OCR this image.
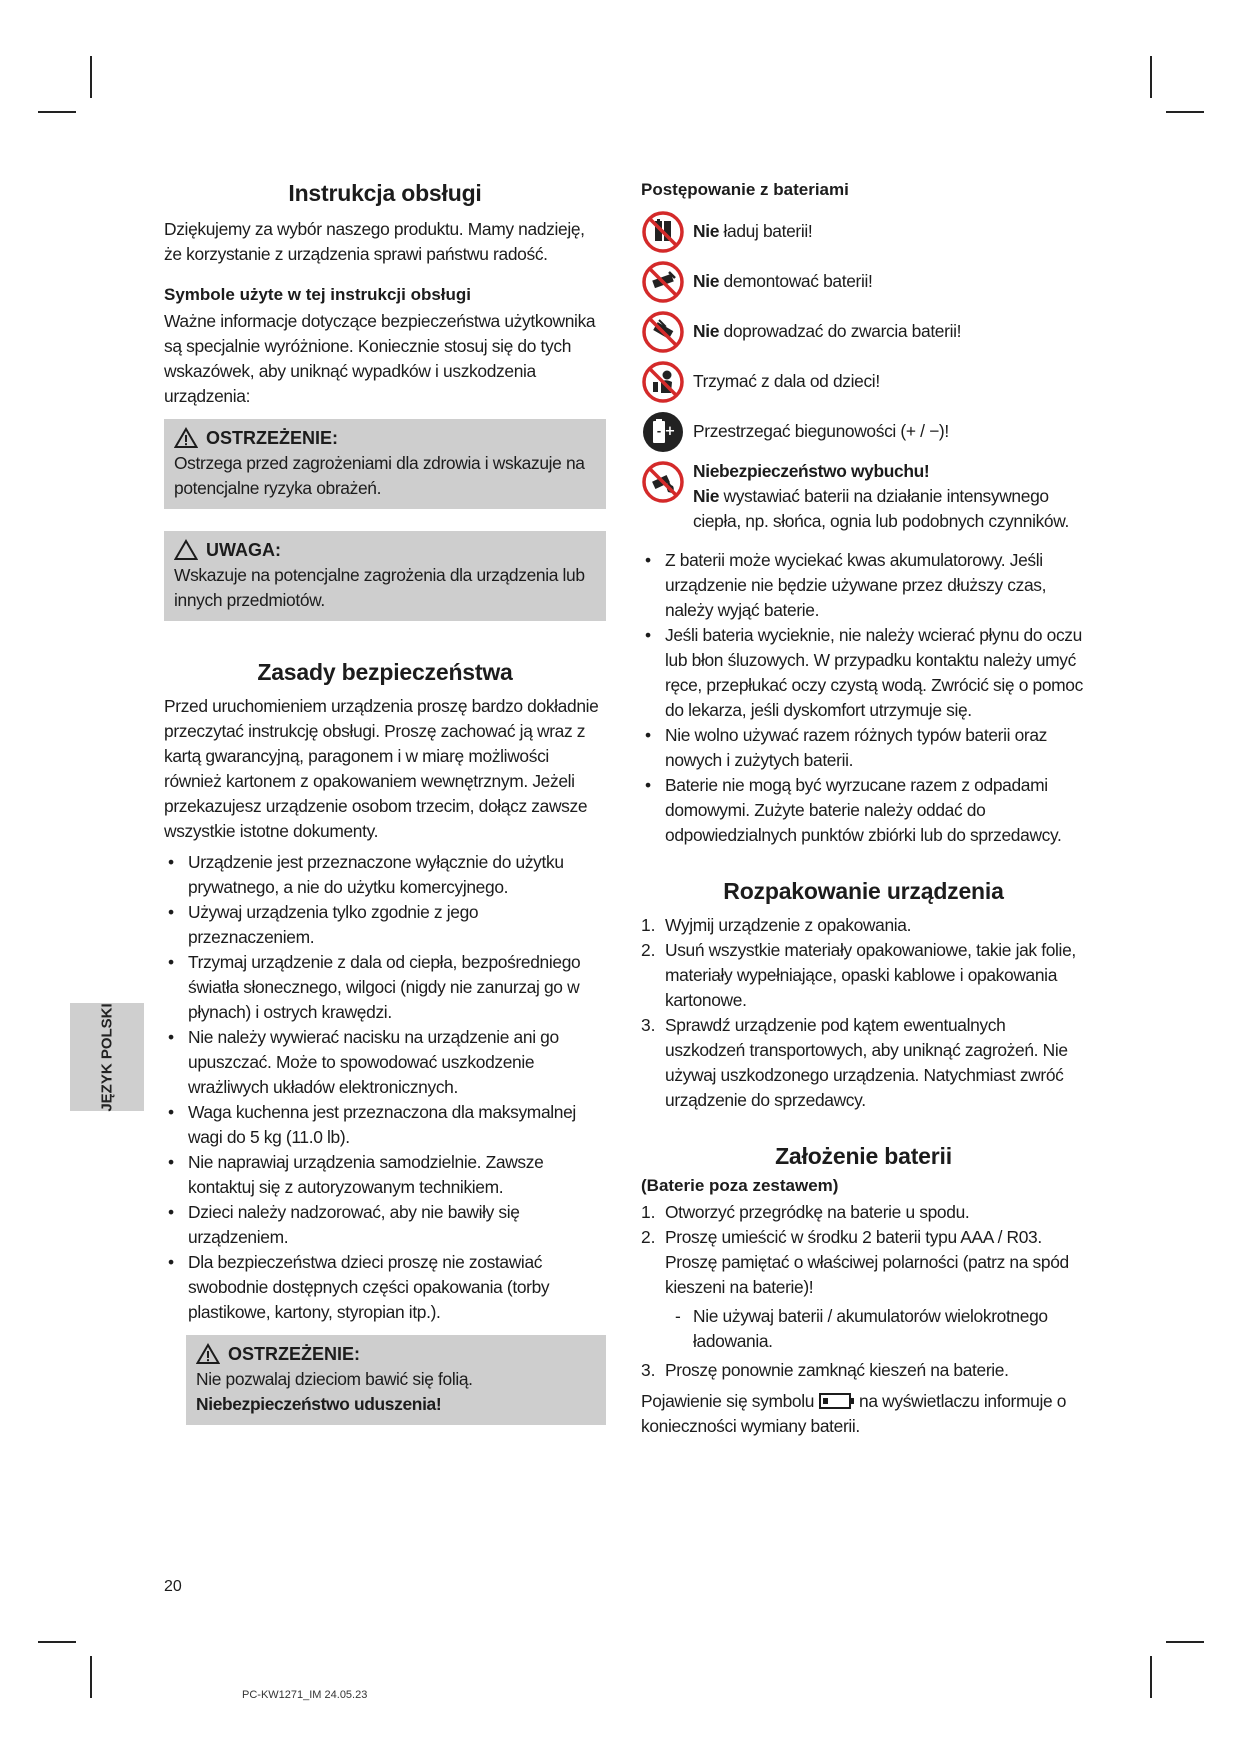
Instrukcja obsługi

Dziękujemy za wybór naszego produktu. Mamy nadzieję, że korzystanie z urządzenia sprawi państwu radość.

Symbole użyte w tej instrukcji obsługi

Ważne informacje dotyczące bezpieczeństwa użytkownika są specjalnie wyróżnione. Koniecznie stosuj się do tych wskazówek, aby uniknąć wypadków i uszkodzenia urządzenia:

OSTRZEŻENIE:

Ostrzega przed zagrożeniami dla zdrowia i wskazuje na potencjalne ryzyka obrażeń.

UWAGA:

Wskazuje na potencjalne zagrożenia dla urządzenia lub innych przedmiotów.

Zasady bezpieczeństwa

Przed uruchomieniem urządzenia proszę bardzo dokładnie przeczytać instrukcję obsługi. Proszę zachować ją wraz z kartą gwarancyjną, paragonem i w miarę możliwości również kartonem z opakowaniem wewnętrznym. Jeżeli przekazujesz urządzenie osobom trzecim, dołącz zawsze wszystkie istotne dokumenty.

• Urządzenie jest przeznaczone wyłącznie do użytku prywatnego, a nie do użytku komercyjnego.
• Używaj urządzenia tylko zgodnie z jego przeznaczeniem.
• Trzymaj urządzenie z dala od ciepła, bezpośredniego światła słonecznego, wilgoci (nigdy nie zanurzaj go w płynach) i ostrych krawędzi.
• Nie należy wywierać nacisku na urządzenie ani go upuszczać. Może to spowodować uszkodzenie wrażliwych układów elektronicznych.
• Waga kuchenna jest przeznaczona dla maksymalnej wagi do 5 kg (11.0 lb).
• Nie naprawiaj urządzenia samodzielnie. Zawsze kontaktuj się z autoryzowanym technikiem.
• Dzieci należy nadzorować, aby nie bawiły się urządzeniem.
• Dla bezpieczeństwa dzieci proszę nie zostawiać swobodnie dostępnych części opakowania (torby plastikowe, kartony, styropian itp.).
OSTRZEŻENIE:

Nie pozwalaj dzieciom bawić się folią. Niebezpieczeństwo uduszenia!

Postępowanie z bateriami

Nie ładuj baterii!

Nie demontować baterii!

Nie doprowadzać do zwarcia baterii!

Trzymać z dala od dzieci!

- + Przestrzegać biegunowości (+ / −)!

Niebezpieczeństwo wybuchu!

Nie wystawiać baterii na działanie intensywnego ciepła, np. słońca, ognia lub podobnych czynników.

• Z baterii może wyciekać kwas akumulatorowy. Jeśli urządzenie nie będzie używane przez dłuższy czas, należy wyjąć baterie.
• Jeśli bateria wycieknie, nie należy wcierać płynu do oczu lub błon śluzowych. W przypadku kontaktu należy umyć ręce, przepłukać oczy czystą wodą. Zwrócić się o pomoc do lekarza, jeśli dyskomfort utrzymuje się.
• Nie wolno używać razem różnych typów baterii oraz nowych i zużytych baterii.
• Baterie nie mogą być wyrzucane razem z odpadami domowymi. Zużyte baterie należy oddać do odpowiedzialnych punktów zbiórki lub do sprzedawcy.
Rozpakowanie urządzenia
1. Wyjmij urządzenie z opakowania.
2. Usuń wszystkie materiały opakowaniowe, takie jak folie, materiały wypełniające, opaski kablowe i opakowania kartonowe.
3. Sprawdź urządzenie pod kątem ewentualnych uszkodzeń transportowych, aby uniknąć zagrożeń. Nie używaj uszkodzonego urządzenia. Natychmiast zwróć urządzenie do sprzedawcy.
Założenie baterii
(Baterie poza zestawem)
1. Otworzyć przegródkę na baterie u spodu.
2. Proszę umieścić w środku 2 baterii typu AAA / R03. Proszę pamiętać o właściwej polarności (patrz na spód kieszeni na baterie)!
- Nie używaj baterii / akumulatorów wielokrotnego ładowania.
3. Proszę ponownie zamknąć kieszeń na baterie.

Pojawienie się symbolu	na wyświetlaczu informuje o konieczności wymiany baterii.

JĘZYK POLSKI
20
PC-KW1271_IM 24.05.23
